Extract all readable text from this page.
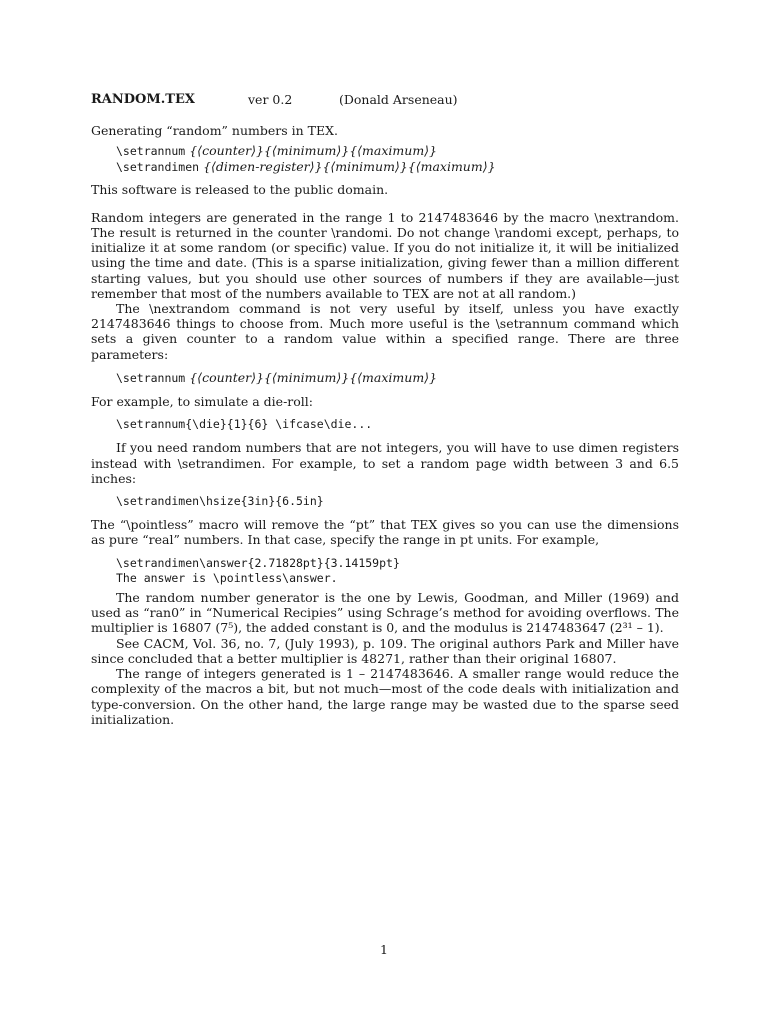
RANDOM.TEX	ver 0.2	(Donald Arseneau)

Generating “random” numbers in TEX.

\setrannum {⟨counter⟩}{⟨minimum⟩}{⟨maximum⟩}
\setrandimen {⟨dimen-register⟩}{⟨minimum⟩}{⟨maximum⟩}

This software is released to the public domain.

Random integers are generated in the range 1 to 2147483646 by the macro \nextrandom. The result is returned in the counter \randomi. Do not change \randomi except, perhaps, to initialize it at some random (or specific) value. If you do not initialize it, it will be initialized using the time and date. (This is a sparse initialization, giving fewer than a million different starting values, but you should use other sources of numbers if they are available—just remember that most of the numbers available to TEX are not at all random.)

The \nextrandom command is not very useful by itself, unless you have exactly 2147483646 things to choose from. Much more useful is the \setrannum command which sets a given counter to a random value within a specified range. There are three parameters:

\setrannum {⟨counter⟩}{⟨minimum⟩}{⟨maximum⟩}

For example, to simulate a die-roll:

\setrannum{\die}{1}{6} \ifcase\die...

If you need random numbers that are not integers, you will have to use dimen registers instead with \setrandimen. For example, to set a random page width between 3 and 6.5 inches:

\setrandimen\hsize{3in}{6.5in}

The “\pointless” macro will remove the “pt” that TEX gives so you can use the dimensions as pure “real” numbers. In that case, specify the range in pt units. For example,

\setrandimen\answer{2.71828pt}{3.14159pt}
The answer is \pointless\answer.

The random number generator is the one by Lewis, Goodman, and Miller (1969) and used as “ran0” in “Numerical Recipies” using Schrage’s method for avoiding overflows. The multiplier is 16807 (7⁵), the added constant is 0, and the modulus is 2147483647 (2³¹ – 1).

See CACM, Vol. 36, no. 7, (July 1993), p. 109. The original authors Park and Miller have since concluded that a better multiplier is 48271, rather than their original 16807.

The range of integers generated is 1 – 2147483646. A smaller range would reduce the complexity of the macros a bit, but not much—most of the code deals with initialization and type-conversion. On the other hand, the large range may be wasted due to the sparse seed initialization.

1
